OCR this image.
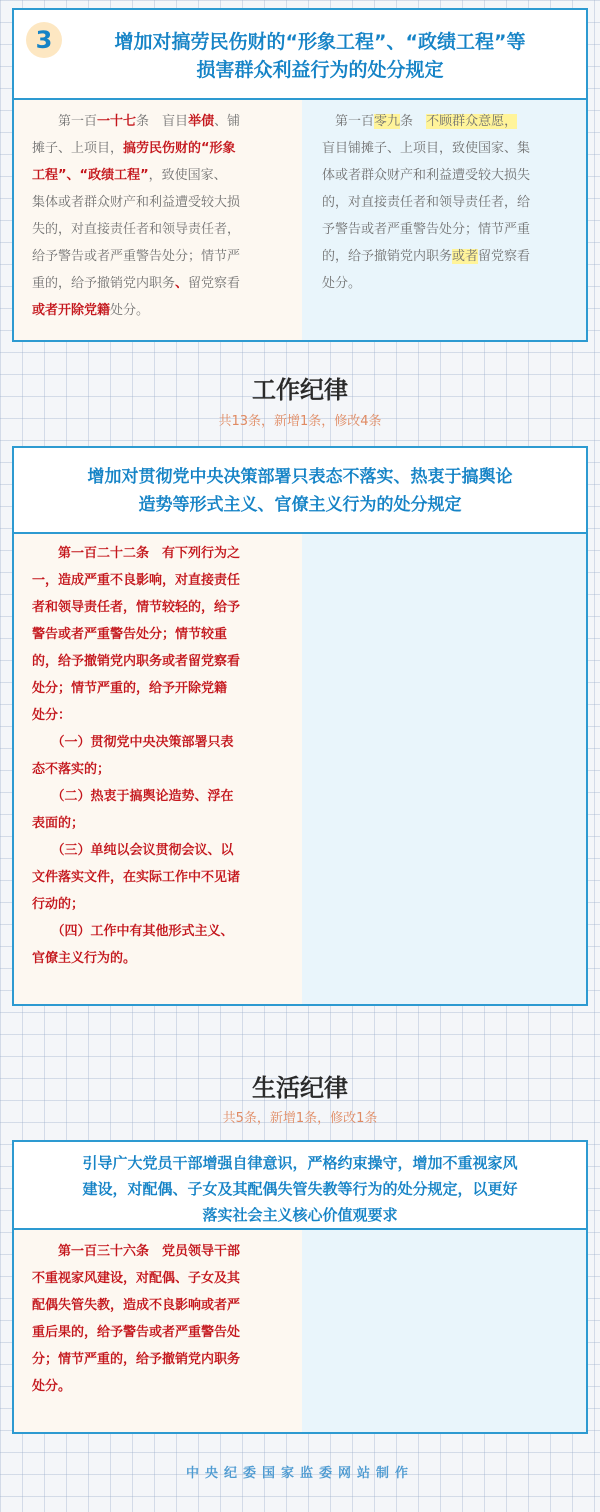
3	增加对搞劳民伤财的“形象工程”、“政绩工程”等
损害群众利益行为的处分规定
　　第一百一十七条　盲目举债、铺
摊子、上项目，搞劳民伤财的“形象
工程”、“政绩工程”，致使国家、
集体或者群众财产和利益遭受较大损
失的，对直接责任者和领导责任者，
给予警告或者严重警告处分；情节严
重的，给予撤销党内职务、留党察看
或者开除党籍处分。
　第一百零九条　不顾群众意愿，
盲目铺摊子、上项目，致使国家、集
体或者群众财产和利益遭受较大损失
的，对直接责任者和领导责任者，给
予警告或者严重警告处分；情节严重
的，给予撤销党内职务或者留党察看
处分。
工作纪律
共13条，新增1条，修改4条
增加对贯彻党中央决策部署只表态不落实、热衷于搞舆论
造势等形式主义、官僚主义行为的处分规定
　　第一百二十二条　有下列行为之
一，造成严重不良影响，对直接责任
者和领导责任者，情节较轻的，给予
警告或者严重警告处分；情节较重
的，给予撤销党内职务或者留党察看
处分；情节严重的，给予开除党籍
处分：
　　（一）贯彻党中央决策部署只表
态不落实的；
　　（二）热衷于搞舆论造势、浮在
表面的；
　　（三）单纯以会议贯彻会议、以
文件落实文件，在实际工作中不见诸
行动的；
　　（四）工作中有其他形式主义、
官僚主义行为的。
生活纪律
共5条，新增1条，修改1条
引导广大党员干部增强自律意识，严格约束操守，增加不重视家风
建设，对配偶、子女及其配偶失管失教等行为的处分规定，以更好
落实社会主义核心价值观要求
　　第一百三十六条　党员领导干部
不重视家风建设，对配偶、子女及其
配偶失管失教，造成不良影响或者严
重后果的，给予警告或者严重警告处
分；情节严重的，给予撤销党内职务
处分。
中央纪委国家监委网站制作
